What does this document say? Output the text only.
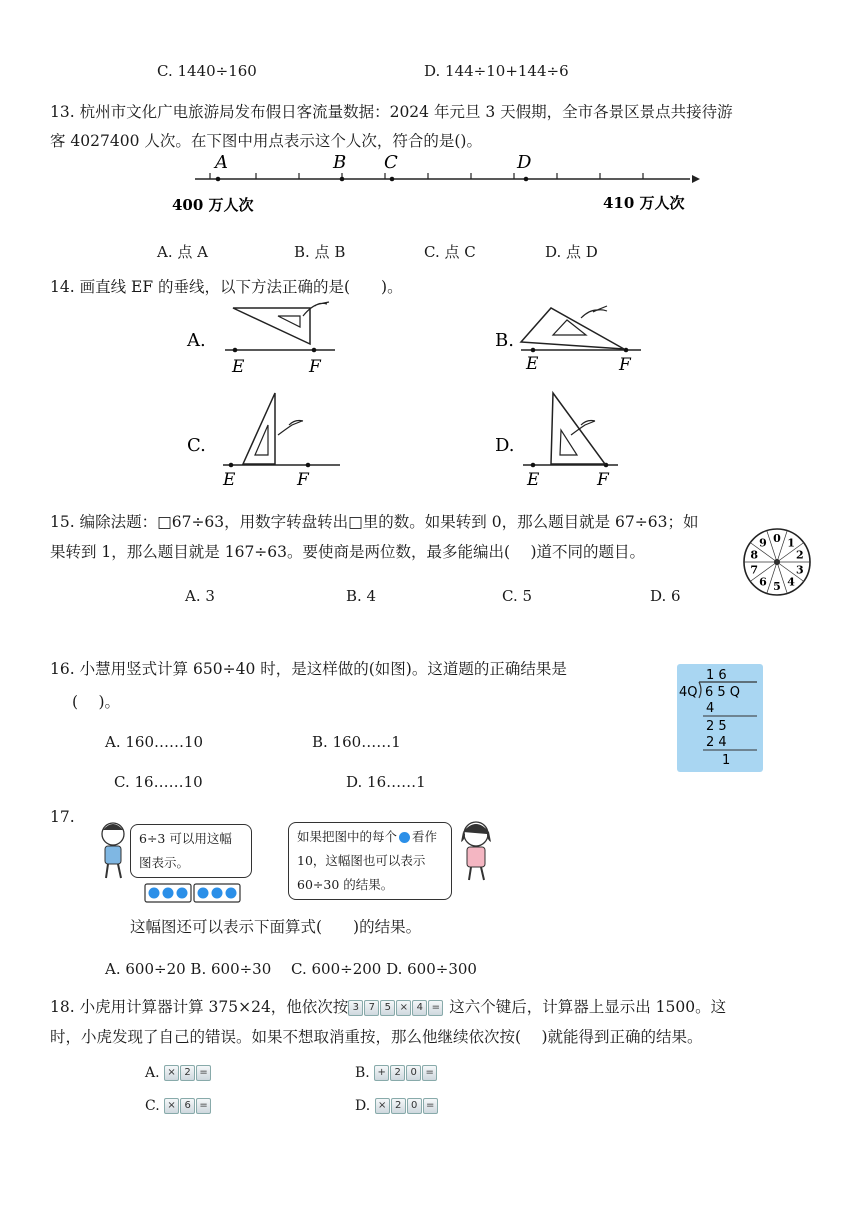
C. 1440÷160	D. 144÷10+144÷6
13. 杭州市文化广电旅游局发布假日客流量数据：2024 年元旦 3 天假期，全市各景区景点共接待游
客 4027400 人次。在下图中用点表示这个人次，符合的是()。
A	B C	D
400 万人次	410 万人次
A. 点 A	B. 点 B	C. 点 C	D. 点 D
14. 画直线 EF 的垂线，以下方法正确的是(　　)。
A.
E	F
B.
E	F
C.
E	F
D.
E	F
15. 编除法题：□67÷63，用数字转盘转出□里的数。如果转到 0，那么题目就是 67÷63；如
果转到 1，那么题目就是 167÷63。要使商是两位数，最多能编出(　 )道不同的题目。
0 1
2
3
4
5
6
7
8
9
A. 3	B. 4	C. 5	D. 6
16. 小慧用竖式计算 650÷40 时，是这样做的(如图)。这道题的正确结果是
(　 )。
1 6
4Q 6 5 Q
4
2 5
2 4
1
A. 160……10	B. 160……1
C. 16……10	D. 16……1
17.
6÷3 可以用这幅图表示。
如果把图中的每个 看作 10，这幅图也可以表示 60÷30 的结果。
这幅图还可以表示下面算式(　　)的结果。
A. 600÷20 B. 600÷30　 C. 600÷200 D. 600÷300
18. 小虎用计算器计算 375×24，他依次按 3 7 5 × 4 = 这六个键后，计算器上显示出 1500。这
时，小虎发现了自己的错误。如果不想取消重按，那么他继续依次按(　 )就能得到正确的结果。
A. × 2 =	B. + 2 0 =
C. × 6 =	D. × 2 0 =
